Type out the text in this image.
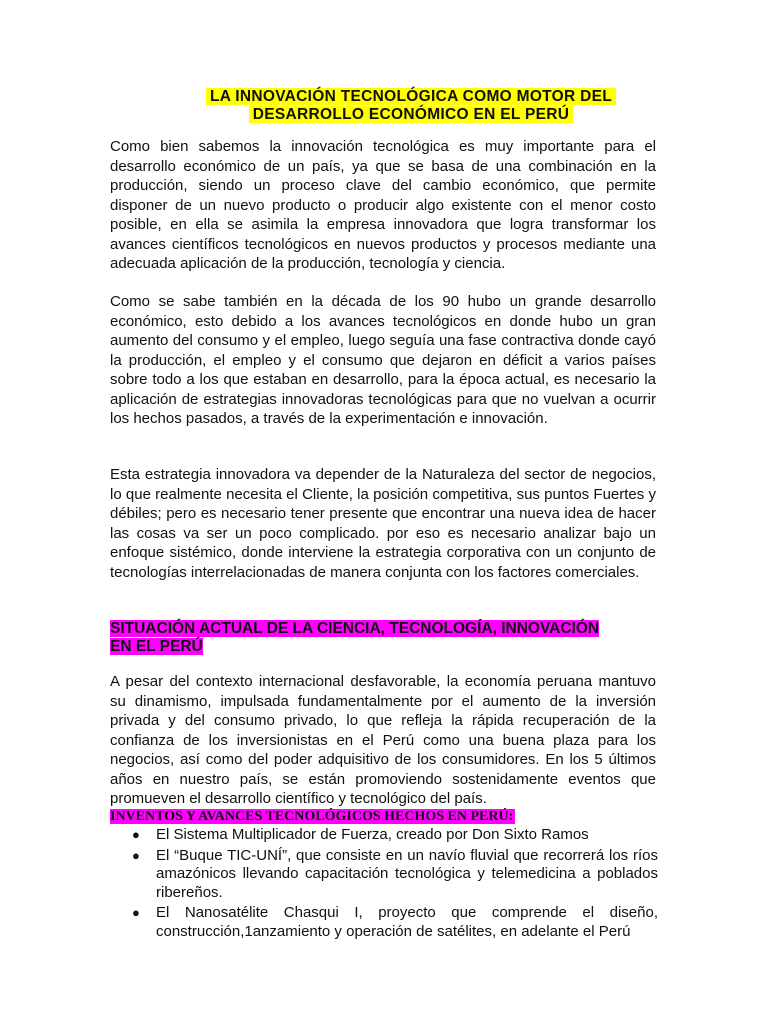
LA INNOVACIÓN TECNOLÓGICA COMO MOTOR DEL
DESARROLLO ECONÓMICO EN EL PERÚ

Como bien sabemos la innovación tecnológica es muy importante para el desarrollo económico de un país, ya que se basa de una combinación en la producción, siendo un proceso clave del cambio económico, que permite disponer de un nuevo producto o producir algo existente con el menor costo posible, en ella se asimila la empresa innovadora que logra transformar los avances científicos tecnológicos en nuevos productos y procesos mediante una adecuada aplicación de la producción, tecnología y ciencia.

Como se sabe también en la década de los 90 hubo un grande desarrollo económico, esto debido a los avances tecnológicos en donde hubo un gran aumento del consumo y el empleo, luego seguía una fase contractiva donde cayó la producción, el empleo y el consumo que dejaron en déficit a varios países sobre todo a los que estaban en desarrollo, para la época actual, es necesario la aplicación de estrategias innovadoras tecnológicas para que no vuelvan a ocurrir los hechos pasados, a través de la experimentación e innovación.

Esta estrategia innovadora va depender de la Naturaleza del sector de negocios, lo que realmente necesita el Cliente, la posición competitiva, sus puntos Fuertes y débiles; pero es necesario tener presente que encontrar una nueva idea de hacer las cosas va ser un poco complicado. por eso es necesario analizar bajo un enfoque sistémico, donde interviene la estrategia corporativa con un conjunto de tecnologías interrelacionadas de manera conjunta con los factores comerciales.

SITUACIÓN ACTUAL DE LA CIENCIA, TECNOLOGÍA, INNOVACIÓN
EN EL PERÚ

A pesar del contexto internacional desfavorable, la economía peruana mantuvo su dinamismo, impulsada fundamentalmente por el aumento de la inversión privada y del consumo privado, lo que refleja la rápida recuperación de la confianza de los inversionistas en el Perú como una buena plaza para los negocios, así como del poder adquisitivo de los consumidores. En los 5 últimos años en nuestro país, se están promoviendo sostenidamente eventos que promueven el desarrollo científico y tecnológico del país.

INVENTOS Y AVANCES TECNOLÓGICOS HECHOS EN PERÚ:
● El Sistema Multiplicador de Fuerza, creado por Don Sixto Ramos
● El “Buque TIC-UNÍ”, que consiste en un navío fluvial que recorrerá los ríos amazónicos llevando capacitación tecnológica y telemedicina a poblados ribereños.
● El Nanosatélite Chasqui I, proyecto que comprende el diseño, construcción,1anzamiento y operación de satélites, en adelante el Perú
